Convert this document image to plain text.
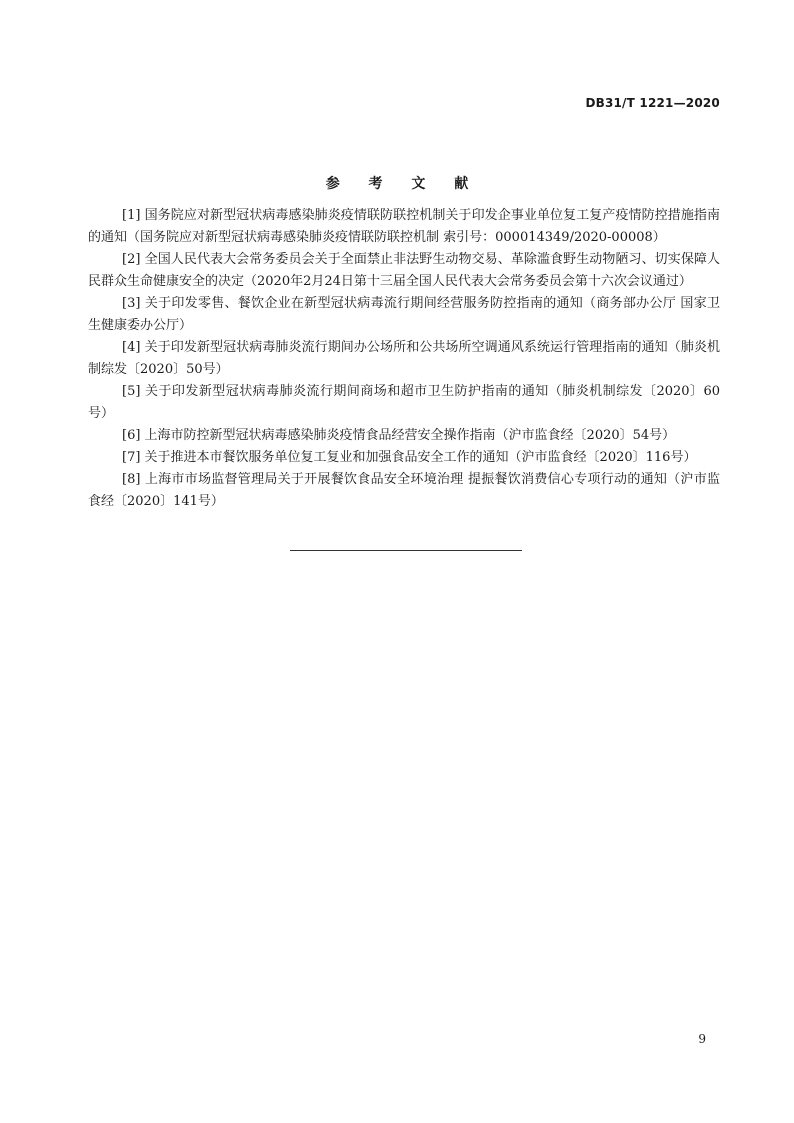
DB31/T 1221—2020
参 考 文 献

[1] 国务院应对新型冠状病毒感染肺炎疫情联防联控机制关于印发企事业单位复工复产疫情防控措施指南的通知（国务院应对新型冠状病毒感染肺炎疫情联防联控机制 索引号：000014349/2020-00008）

[2] 全国人民代表大会常务委员会关于全面禁止非法野生动物交易、革除滥食野生动物陋习、切实保障人民群众生命健康安全的决定（2020年2月24日第十三届全国人民代表大会常务委员会第十六次会议通过）

[3] 关于印发零售、餐饮企业在新型冠状病毒流行期间经营服务防控指南的通知（商务部办公厅 国家卫生健康委办公厅）

[4] 关于印发新型冠状病毒肺炎流行期间办公场所和公共场所空调通风系统运行管理指南的通知（肺炎机制综发〔2020〕50号）

[5] 关于印发新型冠状病毒肺炎流行期间商场和超市卫生防护指南的通知（肺炎机制综发〔2020〕60号）

[6] 上海市防控新型冠状病毒感染肺炎疫情食品经营安全操作指南（沪市监食经〔2020〕54号）

[7] 关于推进本市餐饮服务单位复工复业和加强食品安全工作的通知（沪市监食经〔2020〕116号）

[8] 上海市市场监督管理局关于开展餐饮食品安全环境治理 提振餐饮消费信心专项行动的通知（沪市监食经〔2020〕141号）

9
